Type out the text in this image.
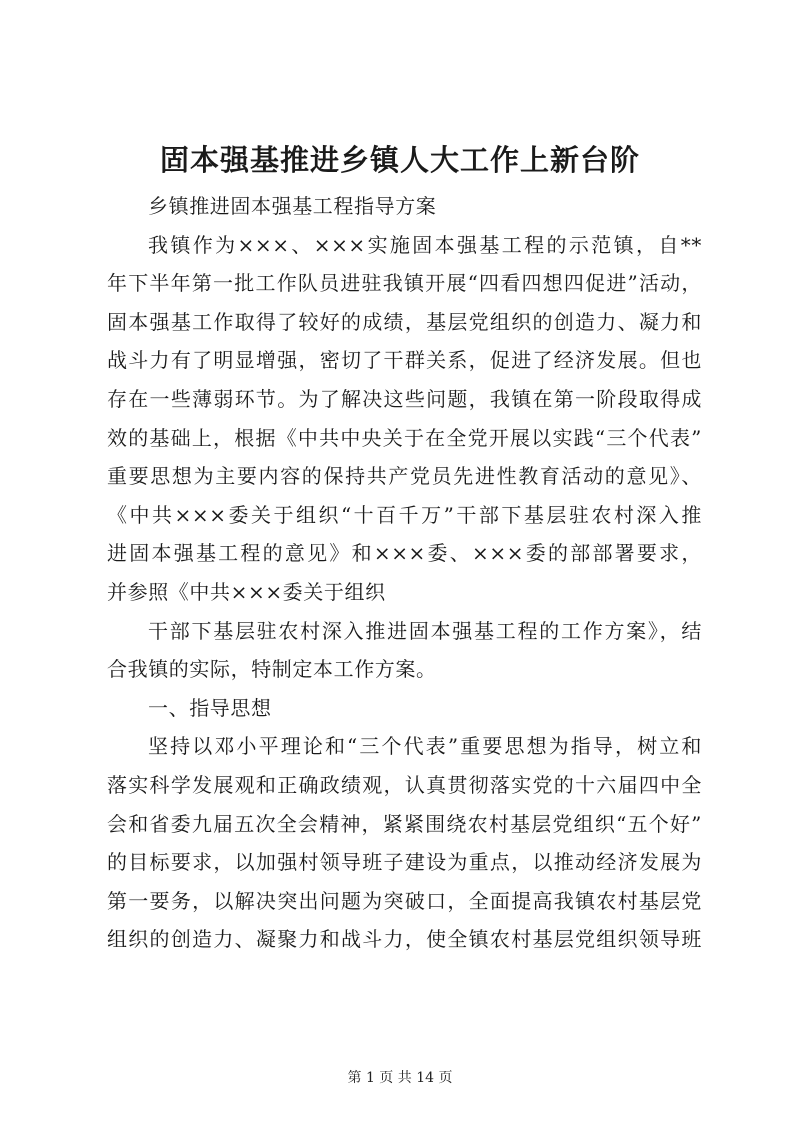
固本强基推进乡镇人大工作上新台阶

乡镇推进固本强基工程指导方案

我镇作为×××、×××实施固本强基工程的示范镇，自**
年下半年第一批工作队员进驻我镇开展“四看四想四促进”活动，
固本强基工作取得了较好的成绩，基层党组织的创造力、凝力和
战斗力有了明显增强，密切了干群关系，促进了经济发展。但也
存在一些薄弱环节。为了解决这些问题，我镇在第一阶段取得成
效的基础上，根据《中共中央关于在全党开展以实践“三个代表”
重要思想为主要内容的保持共产党员先进性教育活动的意见》、
《中共×××委关于组织“十百千万”干部下基层驻农村深入推
进固本强基工程的意见》和×××委、×××委的部部署要求，
并参照《中共×××委关于组织

干部下基层驻农村深入推进固本强基工程的工作方案》，结
合我镇的实际，特制定本工作方案。

一、指导思想

坚持以邓小平理论和“三个代表”重要思想为指导，树立和
落实科学发展观和正确政绩观，认真贯彻落实党的十六届四中全
会和省委九届五次全会精神，紧紧围绕农村基层党组织“五个好”
的目标要求，以加强村领导班子建设为重点，以推动经济发展为
第一要务，以解决突出问题为突破口，全面提高我镇农村基层党
组织的创造力、凝聚力和战斗力，使全镇农村基层党组织领导班

第 1 页 共 14 页
